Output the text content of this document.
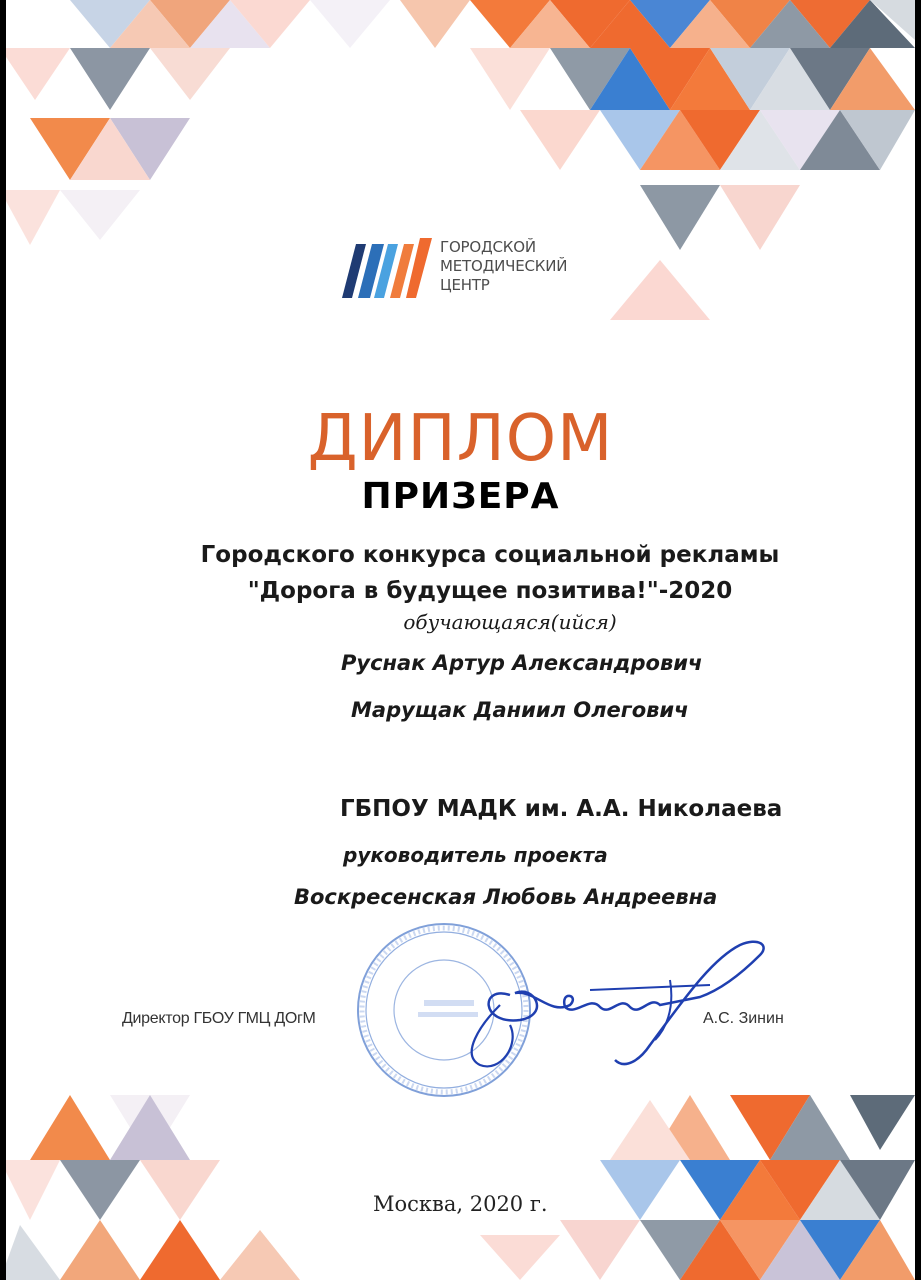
ГОРОДСКОЙ
МЕТОДИЧЕСКИЙ
ЦЕНТР
ДИПЛОМ
ПРИЗЕРА
Городского конкурса социальной рекламы
"Дорога в будущее позитива!"-2020
обучающаяся(ийся)
Руснак Артур Александрович
Марущак Даниил Олегович
ГБПОУ МАДК им. А.А. Николаева
руководитель проекта
Воскресенская Любовь Андреевна
Директор ГБОУ ГМЦ ДОгМ	А.С. Зинин
Москва, 2020 г.
